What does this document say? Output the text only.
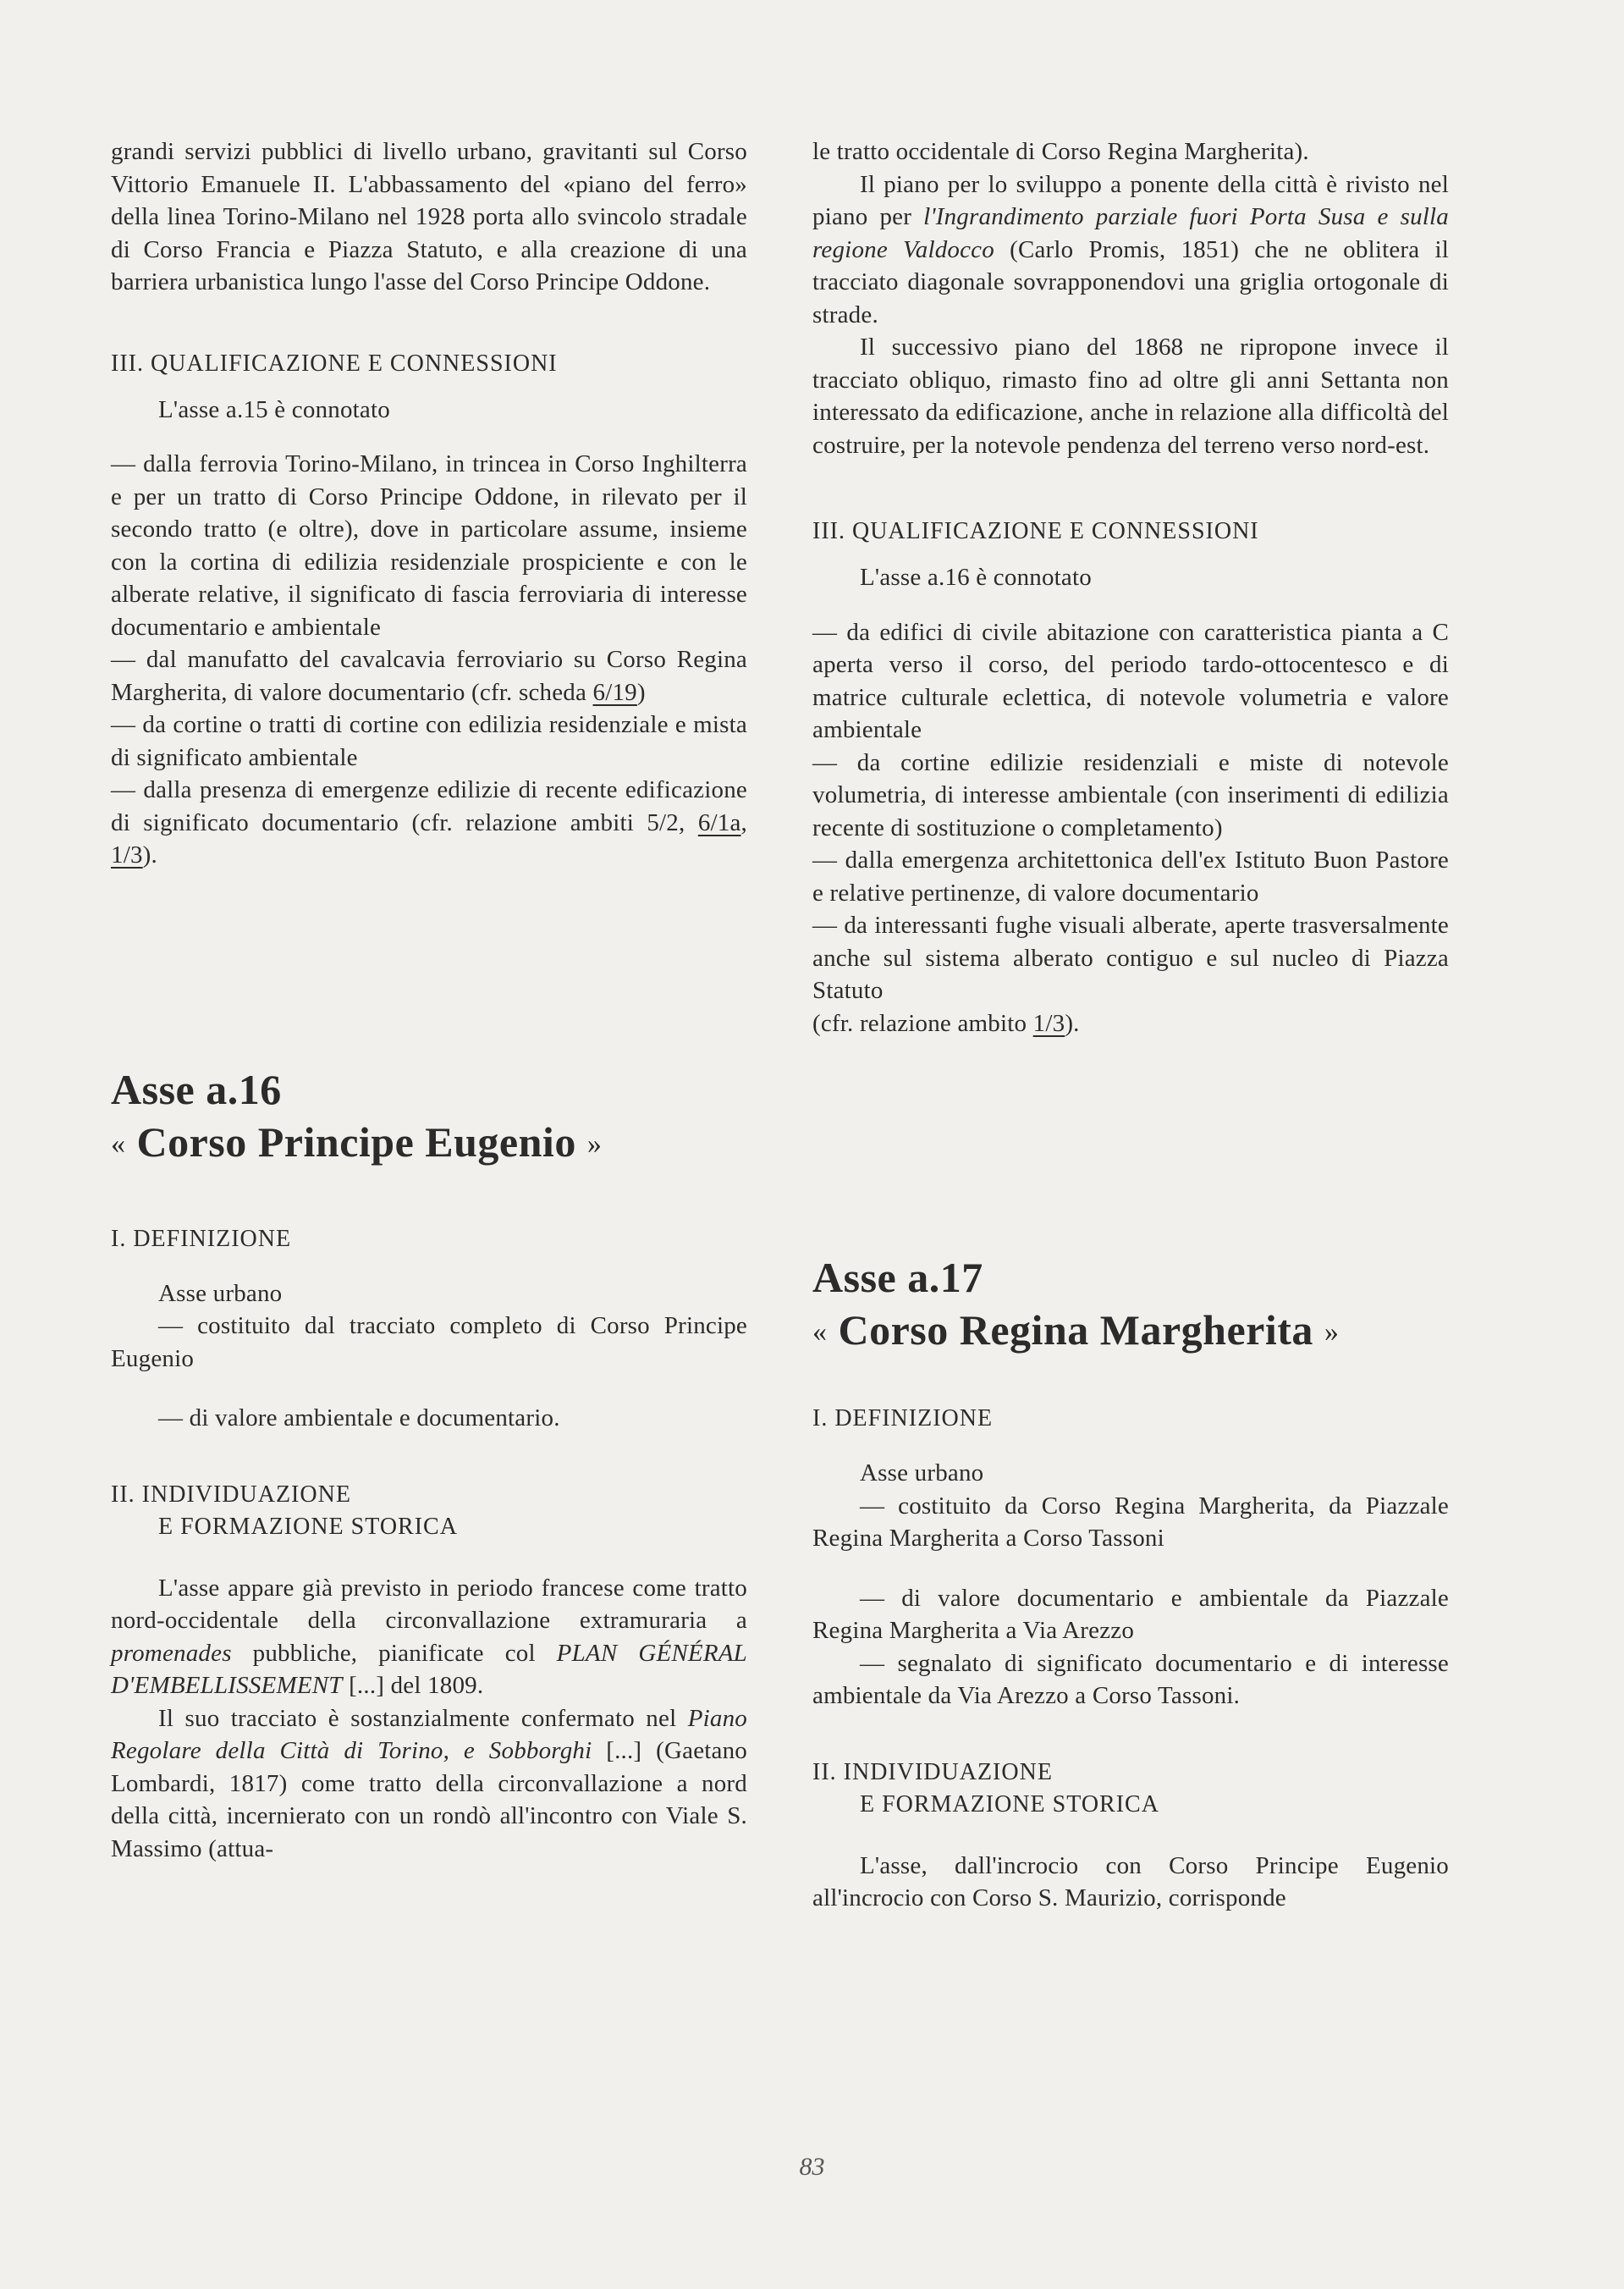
grandi servizi pubblici di livello urbano, gravitanti sul Corso Vittorio Emanuele II. L'abbassamento del «piano del ferro» della linea Torino-Milano nel 1928 porta allo svincolo stradale di Corso Francia e Piazza Statuto, e alla creazione di una barriera urbanistica lungo l'asse del Corso Principe Oddone.

III. QUALIFICAZIONE E CONNESSIONI

L'asse a.15 è connotato

— dalla ferrovia Torino-Milano, in trincea in Corso Inghilterra e per un tratto di Corso Principe Oddone, in rilevato per il secondo tratto (e oltre), dove in particolare assume, insieme con la cortina di edilizia residenziale prospiciente e con le alberate relative, il significato di fascia ferroviaria di interesse documentario e ambientale

— dal manufatto del cavalcavia ferroviario su Corso Regina Margherita, di valore documentario (cfr. scheda 6/19)

— da cortine o tratti di cortine con edilizia residenziale e mista di significato ambientale

— dalla presenza di emergenze edilizie di recente edificazione di significato documentario (cfr. relazione ambiti 5/2, 6/1a, 1/3).

Asse a.16
« Corso Principe Eugenio »
I. DEFINIZIONE

Asse urbano

— costituito dal tracciato completo di Corso Principe Eugenio

— di valore ambientale e documentario.

II. INDIVIDUAZIONE
E FORMAZIONE STORICA

L'asse appare già previsto in periodo francese come tratto nord-occidentale della circonvallazione extramuraria a promenades pubbliche, pianificate col PLAN GÉNÉRAL D'EMBELLISSEMENT [...] del 1809.

Il suo tracciato è sostanzialmente confermato nel Piano Regolare della Città di Torino, e Sobborghi [...] (Gaetano Lombardi, 1817) come tratto della circonvallazione a nord della città, incernierato con un rondò all'incontro con Viale S. Massimo (attua-

le tratto occidentale di Corso Regina Margherita).

Il piano per lo sviluppo a ponente della città è rivisto nel piano per l'Ingrandimento parziale fuori Porta Susa e sulla regione Valdocco (Carlo Promis, 1851) che ne oblitera il tracciato diagonale sovrapponendovi una griglia ortogonale di strade.

Il successivo piano del 1868 ne ripropone invece il tracciato obliquo, rimasto fino ad oltre gli anni Settanta non interessato da edificazione, anche in relazione alla difficoltà del costruire, per la notevole pendenza del terreno verso nord-est.

III. QUALIFICAZIONE E CONNESSIONI

L'asse a.16 è connotato

— da edifici di civile abitazione con caratteristica pianta a C aperta verso il corso, del periodo tardo-ottocentesco e di matrice culturale eclettica, di notevole volumetria e valore ambientale

— da cortine edilizie residenziali e miste di notevole volumetria, di interesse ambientale (con inserimenti di edilizia recente di sostituzione o completamento)

— dalla emergenza architettonica dell'ex Istituto Buon Pastore e relative pertinenze, di valore documentario

— da interessanti fughe visuali alberate, aperte trasversalmente anche sul sistema alberato contiguo e sul nucleo di Piazza Statuto

(cfr. relazione ambito 1/3).

Asse a.17
« Corso Regina Margherita »
I. DEFINIZIONE

Asse urbano

— costituito da Corso Regina Margherita, da Piazzale Regina Margherita a Corso Tassoni

— di valore documentario e ambientale da Piazzale Regina Margherita a Via Arezzo

— segnalato di significato documentario e di interesse ambientale da Via Arezzo a Corso Tassoni.

II. INDIVIDUAZIONE
E FORMAZIONE STORICA

L'asse, dall'incrocio con Corso Principe Eugenio all'incrocio con Corso S. Maurizio, corrisponde

83
